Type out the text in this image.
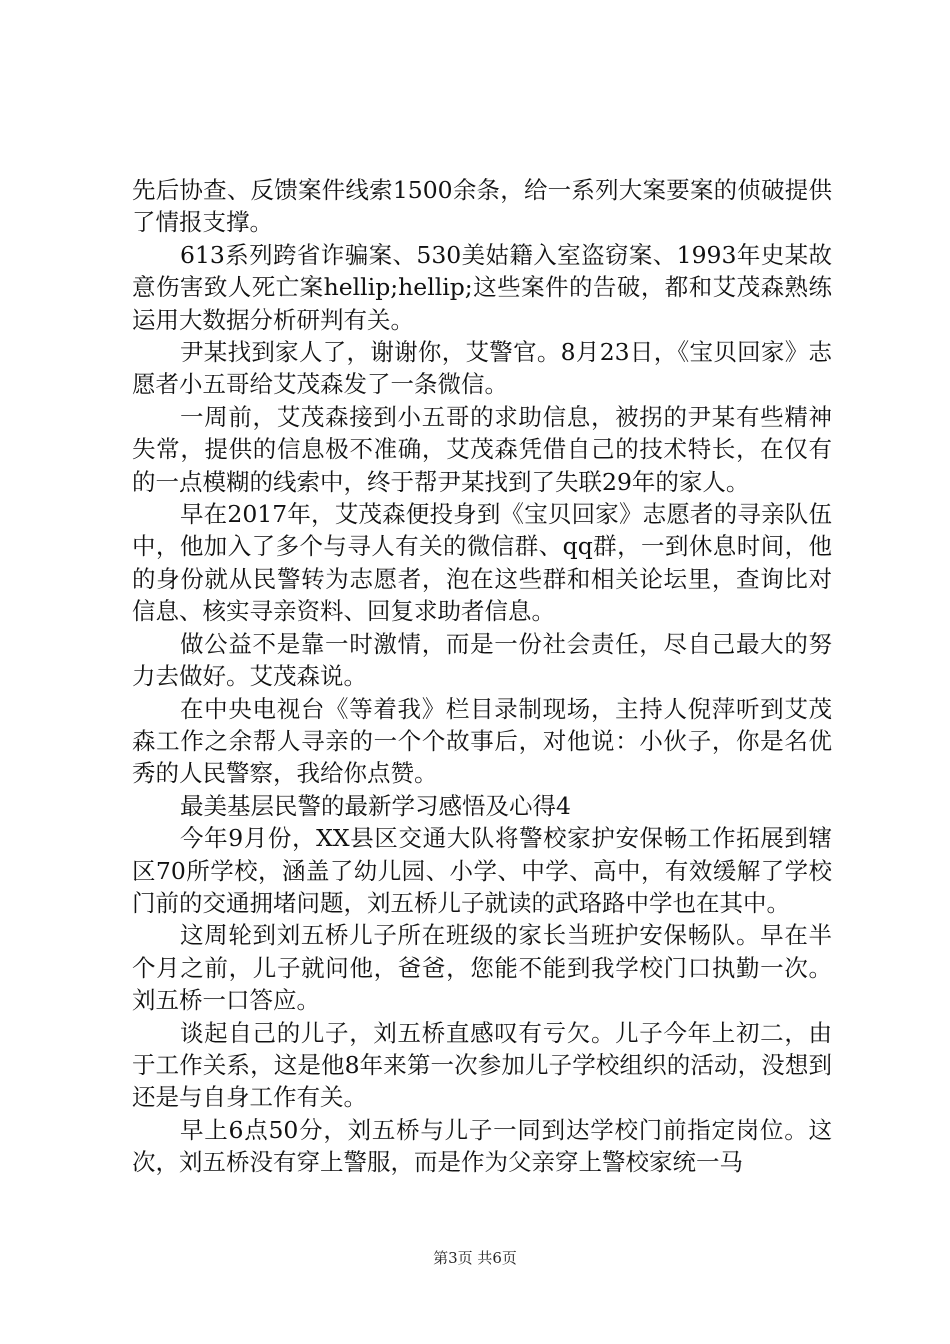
先后协查、反馈案件线索1500余条，给一系列大案要案的侦破提供了情报支撑。

613系列跨省诈骗案、530美姑籍入室盗窃案、1993年史某故意伤害致人死亡案hellip;hellip;这些案件的告破，都和艾茂森熟练运用大数据分析研判有关。

尹某找到家人了，谢谢你，艾警官。8月23日，《宝贝回家》志愿者小五哥给艾茂森发了一条微信。

一周前，艾茂森接到小五哥的求助信息，被拐的尹某有些精神失常，提供的信息极不准确，艾茂森凭借自己的技术特长，在仅有的一点模糊的线索中，终于帮尹某找到了失联29年的家人。

早在2017年，艾茂森便投身到《宝贝回家》志愿者的寻亲队伍中，他加入了多个与寻人有关的微信群、qq群，一到休息时间，他的身份就从民警转为志愿者，泡在这些群和相关论坛里，查询比对信息、核实寻亲资料、回复求助者信息。

做公益不是靠一时激情，而是一份社会责任，尽自己最大的努力去做好。艾茂森说。

在中央电视台《等着我》栏目录制现场，主持人倪萍听到艾茂森工作之余帮人寻亲的一个个故事后，对他说：小伙子，你是名优秀的人民警察，我给你点赞。

最美基层民警的最新学习感悟及心得4

今年9月份，XX县区交通大队将警校家护安保畅工作拓展到辖区70所学校，涵盖了幼儿园、小学、中学、高中，有效缓解了学校门前的交通拥堵问题，刘五桥儿子就读的武珞路中学也在其中。

这周轮到刘五桥儿子所在班级的家长当班护安保畅队。早在半个月之前，儿子就问他，爸爸，您能不能到我学校门口执勤一次。刘五桥一口答应。

谈起自己的儿子，刘五桥直感叹有亏欠。儿子今年上初二，由于工作关系，这是他8年来第一次参加儿子学校组织的活动，没想到还是与自身工作有关。

早上6点50分，刘五桥与儿子一同到达学校门前指定岗位。这次，刘五桥没有穿上警服，而是作为父亲穿上警校家统一马

第3页 共6页
